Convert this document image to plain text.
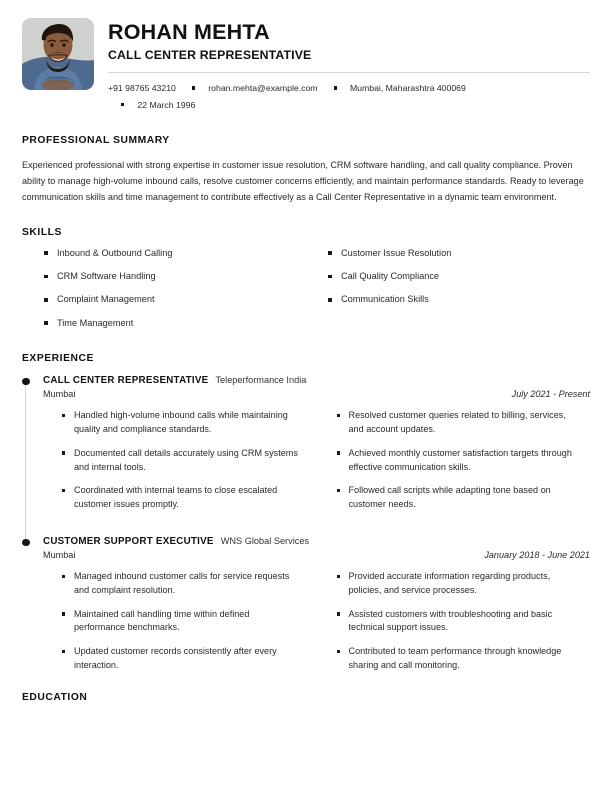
ROHAN MEHTA
CALL CENTER REPRESENTATIVE
+91 98765 43210	rohan.mehta@example.com	Mumbai, Maharashtra 400069
22 March 1996
PROFESSIONAL SUMMARY
Experienced professional with strong expertise in customer issue resolution, CRM software handling, and call quality compliance. Proven ability to manage high-volume inbound calls, resolve customer concerns efficiently, and maintain performance standards. Ready to leverage communication skills and time management to contribute effectively as a Call Center Representative in a dynamic team environment.
SKILLS
Inbound & Outbound Calling
CRM Software Handling
Complaint Management
Time Management
Customer Issue Resolution
Call Quality Compliance
Communication Skills
EXPERIENCE
CALL CENTER REPRESENTATIVE Teleperformance India
Mumbai	July 2021 - Present
Handled high-volume inbound calls while maintaining quality and compliance standards.
Documented call details accurately using CRM systems and internal tools.
Coordinated with internal teams to close escalated customer issues promptly.
Resolved customer queries related to billing, services, and account updates.
Achieved monthly customer satisfaction targets through effective communication skills.
Followed call scripts while adapting tone based on customer needs.
CUSTOMER SUPPORT EXECUTIVE WNS Global Services
Mumbai	January 2018 - June 2021
Managed inbound customer calls for service requests and complaint resolution.
Maintained call handling time within defined performance benchmarks.
Updated customer records consistently after every interaction.
Provided accurate information regarding products, policies, and service processes.
Assisted customers with troubleshooting and basic technical support issues.
Contributed to team performance through knowledge sharing and call monitoring.
EDUCATION
